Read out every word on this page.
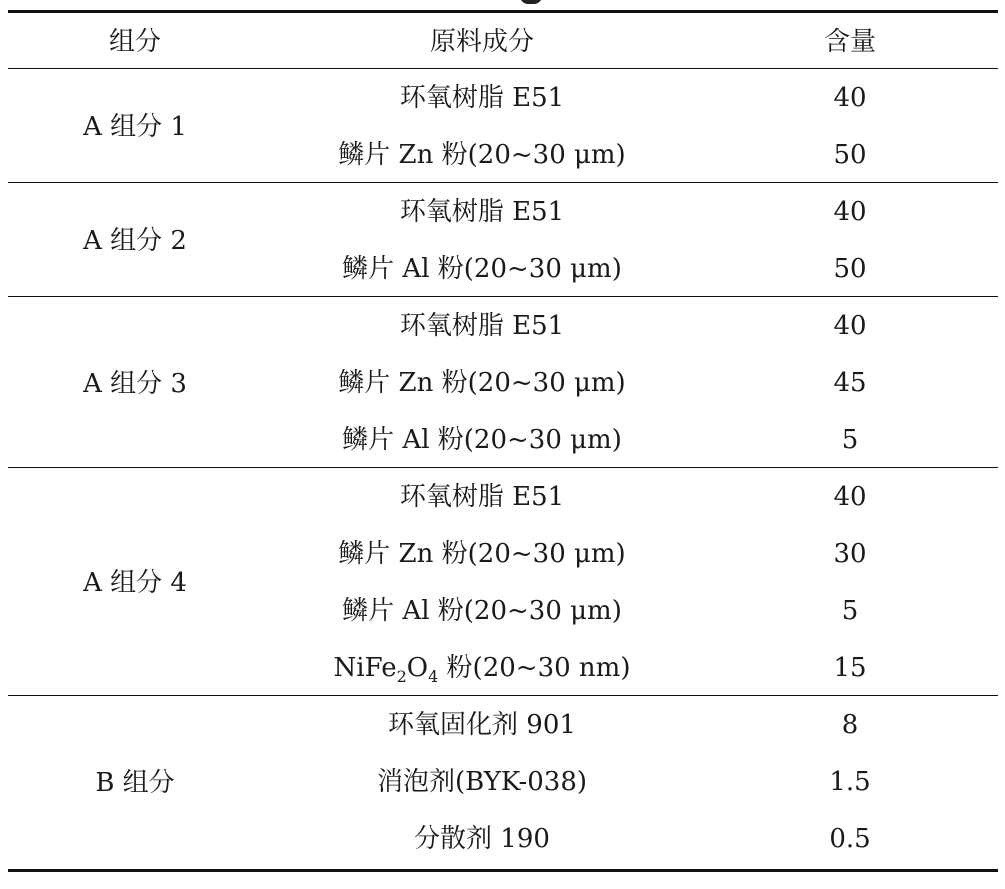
组分	原料成分	含量
A 组分 1
环氧树脂 E51	40
鳞片 Zn 粉(20~30 μm)	50
A 组分 2
环氧树脂 E51	40
鳞片 Al 粉(20~30 μm)	50
A 组分 3
环氧树脂 E51	40
鳞片 Zn 粉(20~30 μm)	45
鳞片 Al 粉(20~30 μm)	5
A 组分 4
环氧树脂 E51	40
鳞片 Zn 粉(20~30 μm)	30
鳞片 Al 粉(20~30 μm)	5
$NiFe_2O_4$ 粉(20~30 nm)	15
B 组分
环氧固化剂 901	8
消泡剂(BYK-038)	1.5
分散剂 190	0.5
